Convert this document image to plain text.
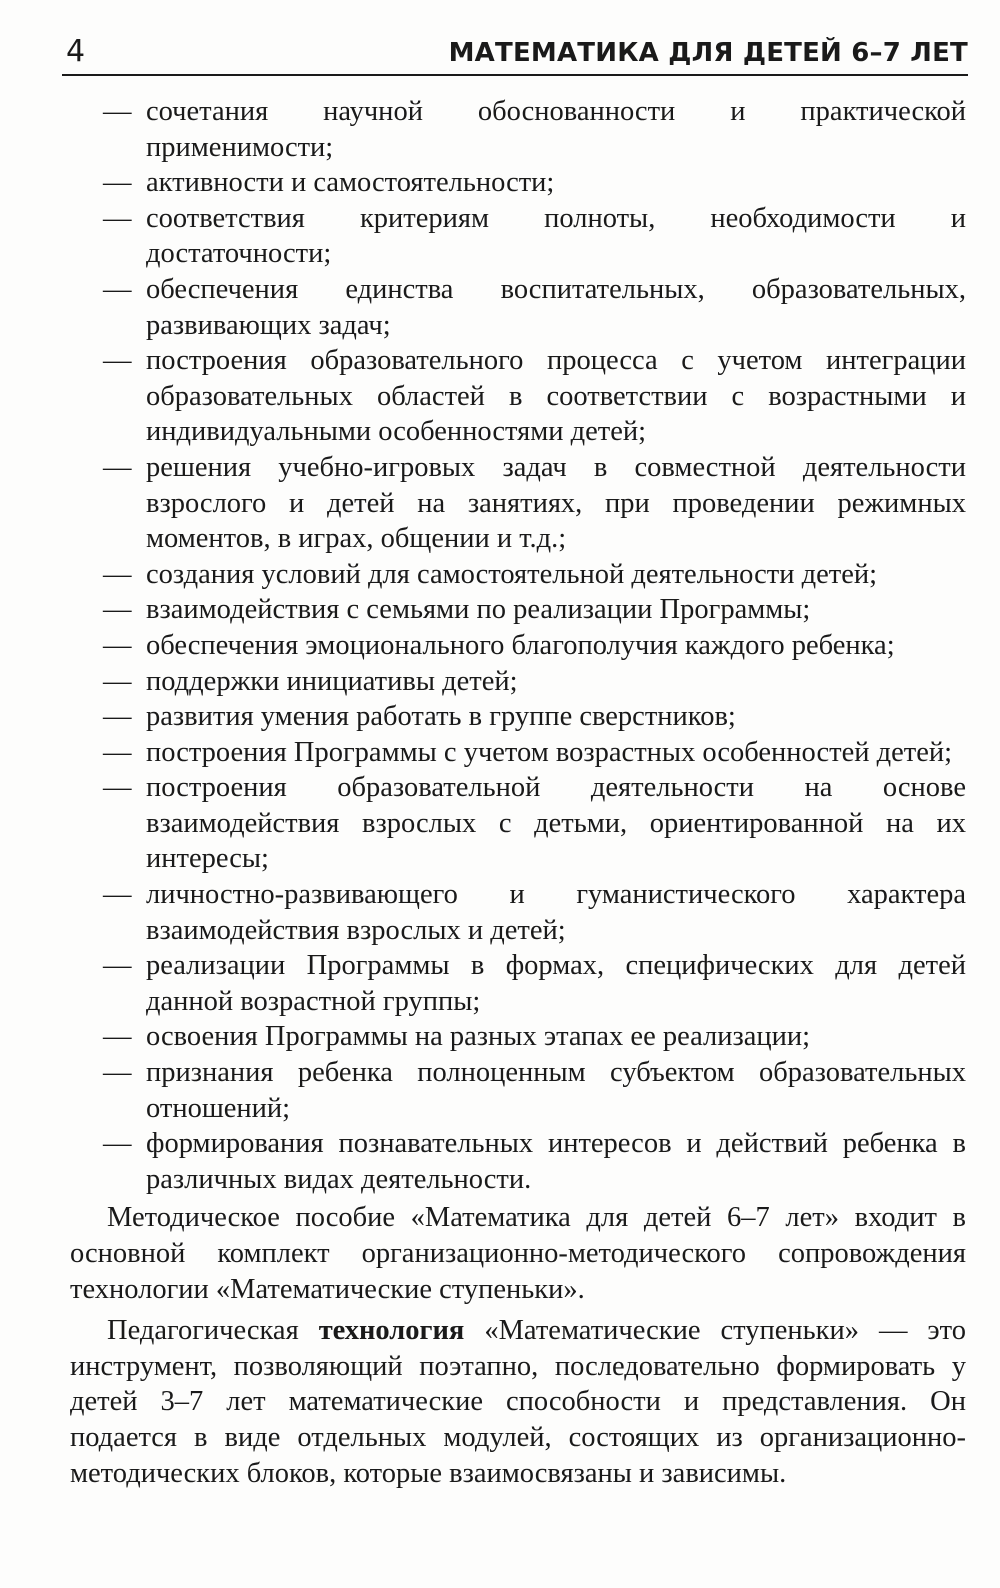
4	МАТЕМАТИКА ДЛЯ ДЕТЕЙ 6–7 ЛЕТ
— сочетания научной обоснованности и практической применимости;
— активности и самостоятельности;
— соответствия критериям полноты, необходимости и достаточности;
— обеспечения единства воспитательных, образовательных, развивающих задач;
— построения образовательного процесса с учетом интеграции образовательных областей в соответствии с возрастными и индивидуальными особенностями детей;
— решения учебно-игровых задач в совместной деятельности взрослого и детей на занятиях, при проведении режимных моментов, в играх, общении и т.д.;
— создания условий для самостоятельной деятельности детей;
— взаимодействия с семьями по реализации Программы;
— обеспечения эмоционального благополучия каждого ребенка;
— поддержки инициативы детей;
— развития умения работать в группе сверстников;
— построения Программы с учетом возрастных особенностей детей;
— построения образовательной деятельности на основе взаимодействия взрослых с детьми, ориентированной на их интересы;
— личностно-развивающего и гуманистического характера взаимодействия взрослых и детей;
— реализации Программы в формах, специфических для детей данной возрастной группы;
— освоения Программы на разных этапах ее реализации;
— признания ребенка полноценным субъектом образовательных отношений;
— формирования познавательных интересов и действий ребенка в различных видах деятельности.

Методическое пособие «Математика для детей 6–7 лет» входит в основной комплект организационно-методического сопровождения технологии «Математические ступеньки».

Педагогическая технология «Математические ступеньки» — это инструмент, позволяющий поэтапно, последовательно формировать у детей 3–7 лет математические способности и представления. Он подается в виде отдельных модулей, состоящих из организационно-методических блоков, которые взаимосвязаны и зависимы.
